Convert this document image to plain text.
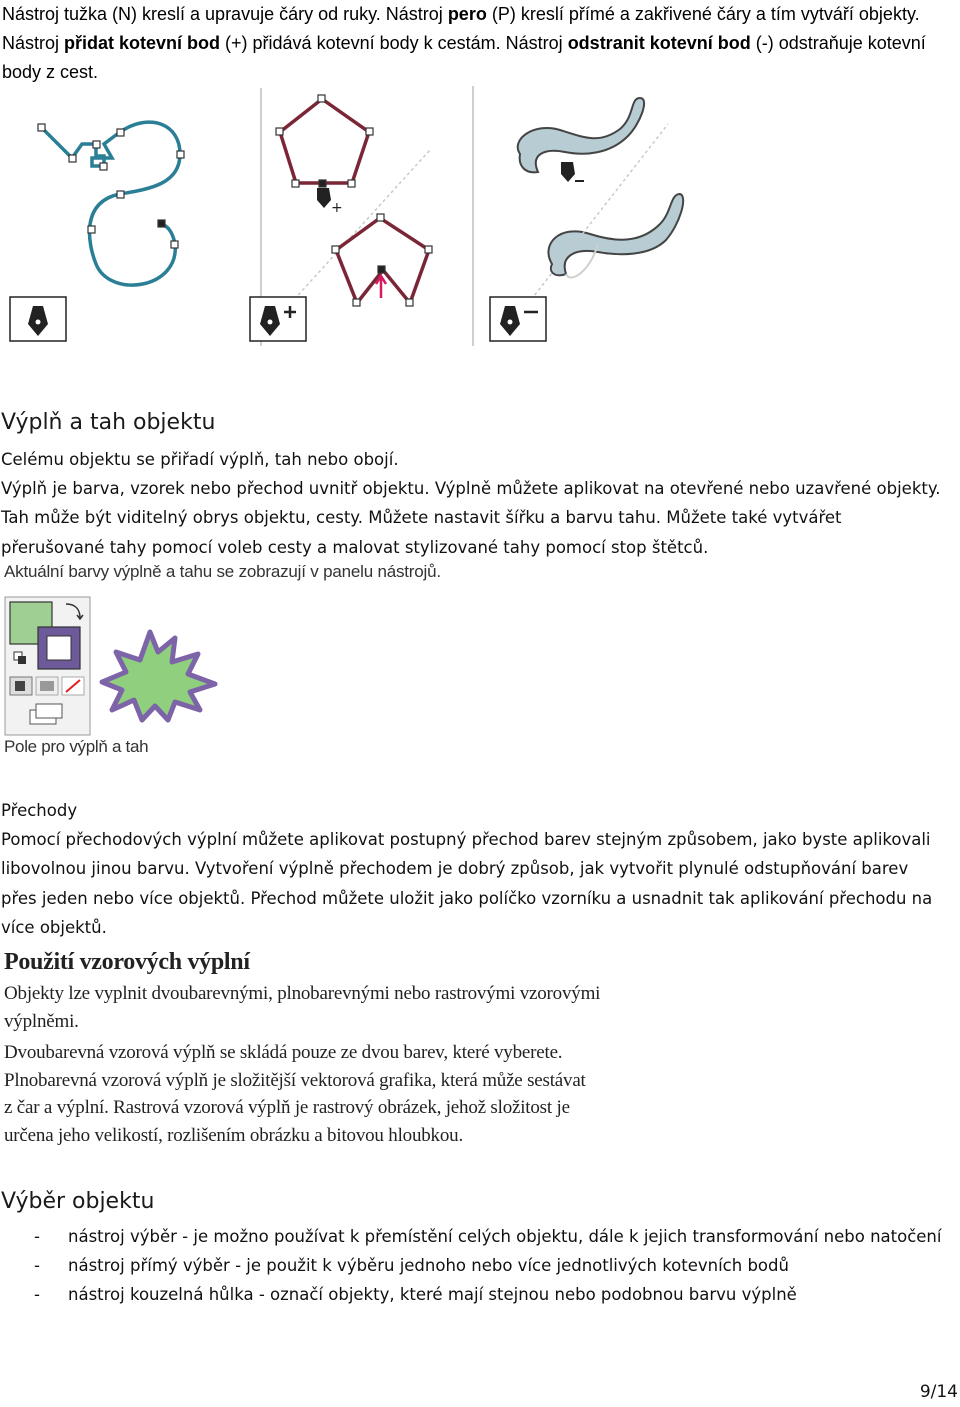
Nástroj tužka (N) kreslí a upravuje čáry od ruky. Nástroj pero (P) kreslí přímé a zakřivené čáry a tím vytváří objekty. Nástroj přidat kotevní bod (+) přidává kotevní body k cestám. Nástroj odstranit kotevní bod (-) odstraňuje kotevní body z cest.
+
Výplň a tah objektu
Celému objektu se přiřadí výplň, tah nebo obojí.
Výplň je barva, vzorek nebo přechod uvnitř objektu. Výplně můžete aplikovat na otevřené nebo uzavřené objekty.
Tah může být viditelný obrys objektu, cesty. Můžete nastavit šířku a barvu tahu. Můžete také vytvářet
přerušované tahy pomocí voleb cesty a malovat stylizované tahy pomocí stop štětců.
Aktuální barvy výplně a tahu se zobrazují v panelu nástrojů.
Pole pro výplň a tah
Přechody
Pomocí přechodových výplní můžete aplikovat postupný přechod barev stejným způsobem, jako byste aplikovali
libovolnou jinou barvu. Vytvoření výplně přechodem je dobrý způsob, jak vytvořit plynulé odstupňování barev
přes jeden nebo více objektů. Přechod můžete uložit jako políčko vzorníku a usnadnit tak aplikování přechodu na
více objektů.
Použití vzorových výplní
Objekty lze vyplnit dvoubarevnými, plnobarevnými nebo rastrovými vzorovými
výplněmi.
Dvoubarevná vzorová výplň se skládá pouze ze dvou barev, které vyberete.
Plnobarevná vzorová výplň je složitější vektorová grafika, která může sestávat
z čar a výplní. Rastrová vzorová výplň je rastrový obrázek, jehož složitost je
určena jeho velikostí, rozlišením obrázku a bitovou hloubkou.
Výběr objektu
-	nástroj výběr - je možno používat k přemístění celých objektu, dále k jejich transformování nebo natočení
-	nástroj přímý výběr - je použit k výběru jednoho nebo více jednotlivých kotevních bodů
-	nástroj kouzelná hůlka - označí objekty, které mají stejnou nebo podobnou barvu výplně
9/14
